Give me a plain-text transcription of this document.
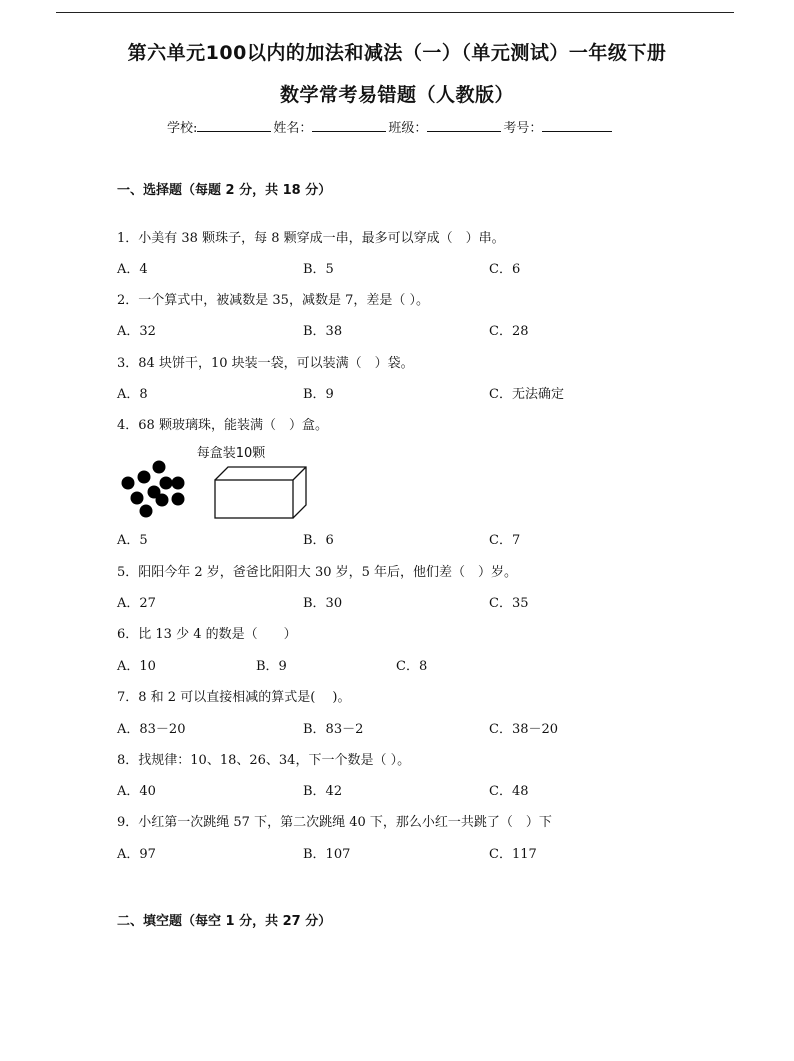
第六单元100以内的加法和减法（一）（单元测试）一年级下册
数学常考易错题（人教版）
学校:	姓名：	班级：	考号：
一、选择题（每题 2 分，共 18 分）
1．小美有 38 颗珠子，每 8 颗穿成一串，最多可以穿成（　）串。
A．4	B．5	C．6
2．一个算式中，被减数是 35，减数是 7，差是（ ）。
A．32	B．38	C．28
3．84 块饼干，10 块装一袋，可以装满（　）袋。
A．8	B．9	C．无法确定
4．68 颗玻璃珠，能装满（　）盒。
每盒装10颗
A．5	B．6	C．7
5．阳阳今年 2 岁，爸爸比阳阳大 30 岁，5 年后，他们差（　）岁。
A．27	B．30	C．35
6．比 13 少 4 的数是（　　）
A．10	B．9	C．8
7．8 和 2 可以直接相减的算式是(　 )。
A．83－20	B．83－2	C．38－20
8．找规律：10、18、26、34，下一个数是（ ）。
A．40	B．42	C．48
9．小红第一次跳绳 57 下，第二次跳绳 40 下，那么小红一共跳了（　）下
A．97	B．107	C．117
二、填空题（每空 1 分，共 27 分）
